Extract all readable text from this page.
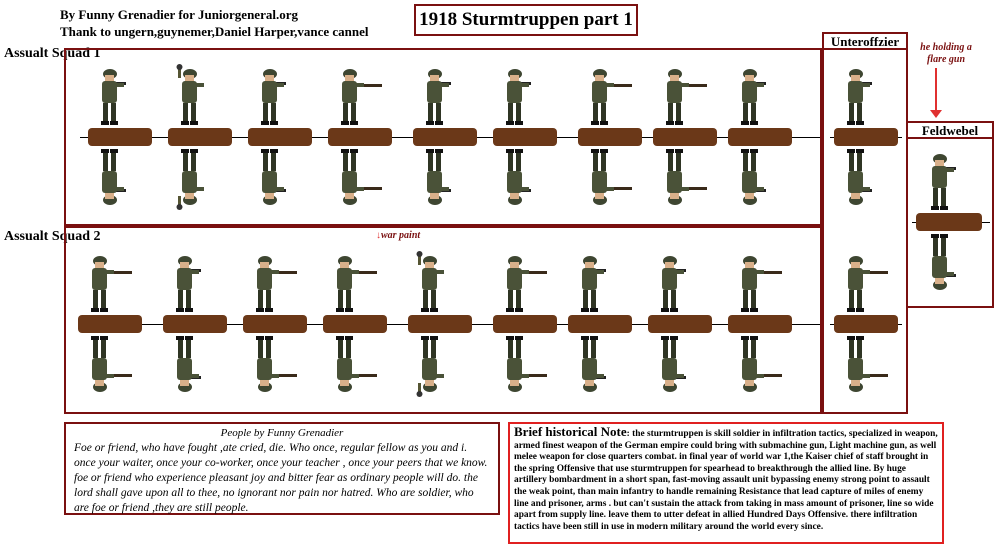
By Funny Grenadier for Juniorgeneral.org
Thank to ungern,guynemer,Daniel Harper,vance cannel
1918 Sturmtruppen part 1
Assualt Squad 1
Assualt Squad 2
Unteroffzier
Feldwebel
he holding a flare gun
↓war paint
People by Funny Grenadier
Foe or friend, who have fought ,ate cried, die. Who once, regular fellow as you and i. once your waiter, once your co-worker, once your teacher , once your peers that we know. foe or friend who experience pleasant joy and bitter fear as ordinary people will do. the lord shall gave upon all to thee, no ignorant nor pain nor hatred. Who are soldier, who are foe or friend ,they are still people.
Brief historical Note: the sturmtruppen is skill soldier in infiltration tactics, specialized in weapon, armed finest weapon of the German empire could bring with submachine gun, Light machine gun, as well melee weapon for close quarters combat. in final year of world war 1,the Kaiser chief of staff brought in the spring Offensive that use sturmtruppen for spearhead to breakthrough the allied line. By huge artillery bombardment in a short span, fast-moving assault unit bypassing enemy strong point to assault the weak point, than main infantry to handle remaining Resistance that lead capture of miles of enemy line and prisoner, arms . but can't sustain the attack from taking in mass amount of prisoner, line so wide apart from supply line. leave them to utter defeat in allied Hundred Days Offensive. there infiltration tactics have been still in use in modern military around the world every since.
